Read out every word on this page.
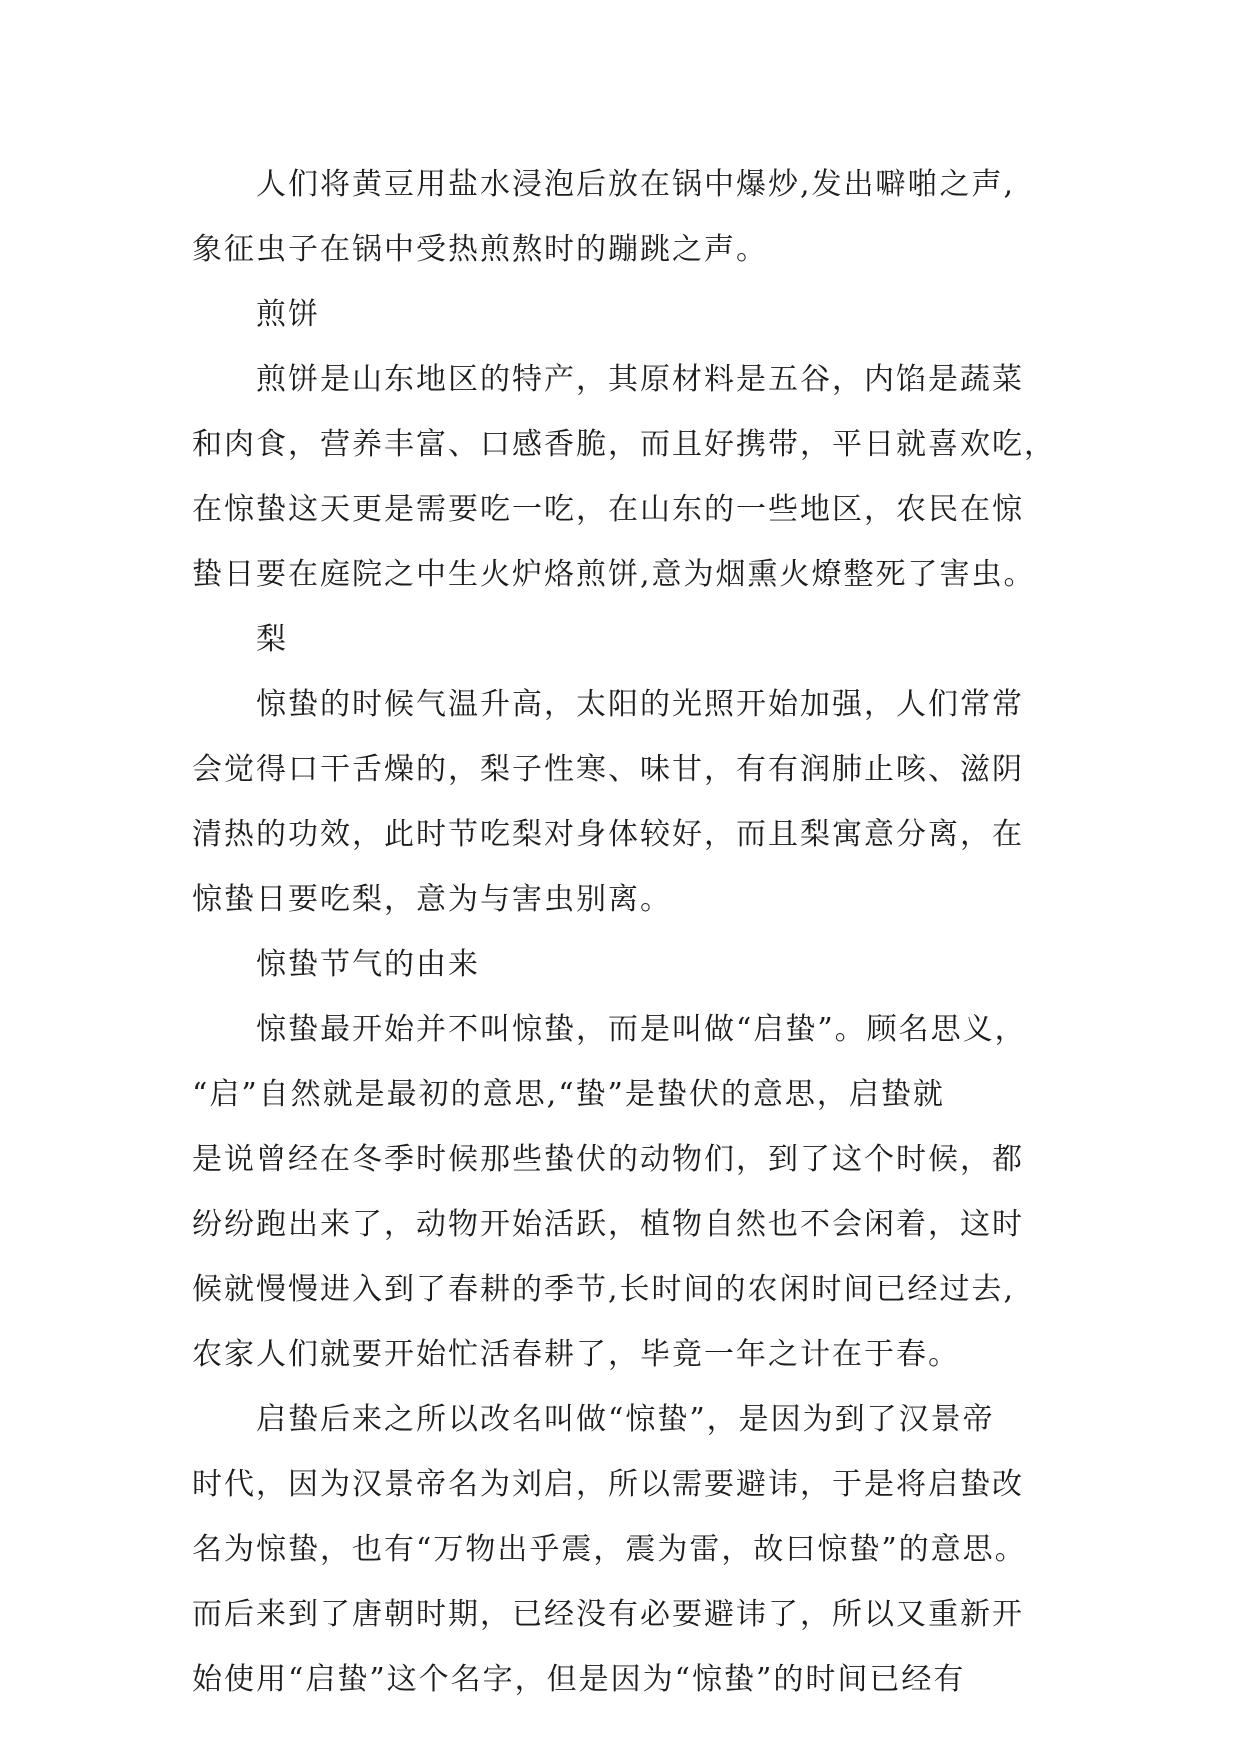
人们将黄豆用盐水浸泡后放在锅中爆炒,发出噼啪之声,
象征虫子在锅中受热煎熬时的蹦跳之声。
煎饼
煎饼是山东地区的特产，其原材料是五谷，内馅是蔬菜
和肉食，营养丰富、口感香脆，而且好携带，平日就喜欢吃，
在惊蛰这天更是需要吃一吃，在山东的一些地区，农民在惊
蛰日要在庭院之中生火炉烙煎饼,意为烟熏火燎整死了害虫。
梨
惊蛰的时候气温升高，太阳的光照开始加强，人们常常
会觉得口干舌燥的，梨子性寒、味甘，有有润肺止咳、滋阴
清热的功效，此时节吃梨对身体较好，而且梨寓意分离，在
惊蛰日要吃梨，意为与害虫别离。
惊蛰节气的由来
惊蛰最开始并不叫惊蛰，而是叫做“启蛰”。顾名思义，
“启”自然就是最初的意思,“蛰”是蛰伏的意思，启蛰就
是说曾经在冬季时候那些蛰伏的动物们，到了这个时候，都
纷纷跑出来了，动物开始活跃，植物自然也不会闲着，这时
候就慢慢进入到了春耕的季节,长时间的农闲时间已经过去,
农家人们就要开始忙活春耕了，毕竟一年之计在于春。
启蛰后来之所以改名叫做“惊蛰”，是因为到了汉景帝
时代，因为汉景帝名为刘启，所以需要避讳，于是将启蛰改
名为惊蛰，也有“万物出乎震，震为雷，故曰惊蛰”的意思。
而后来到了唐朝时期，已经没有必要避讳了，所以又重新开
始使用“启蛰”这个名字，但是因为“惊蛰”的时间已经有
